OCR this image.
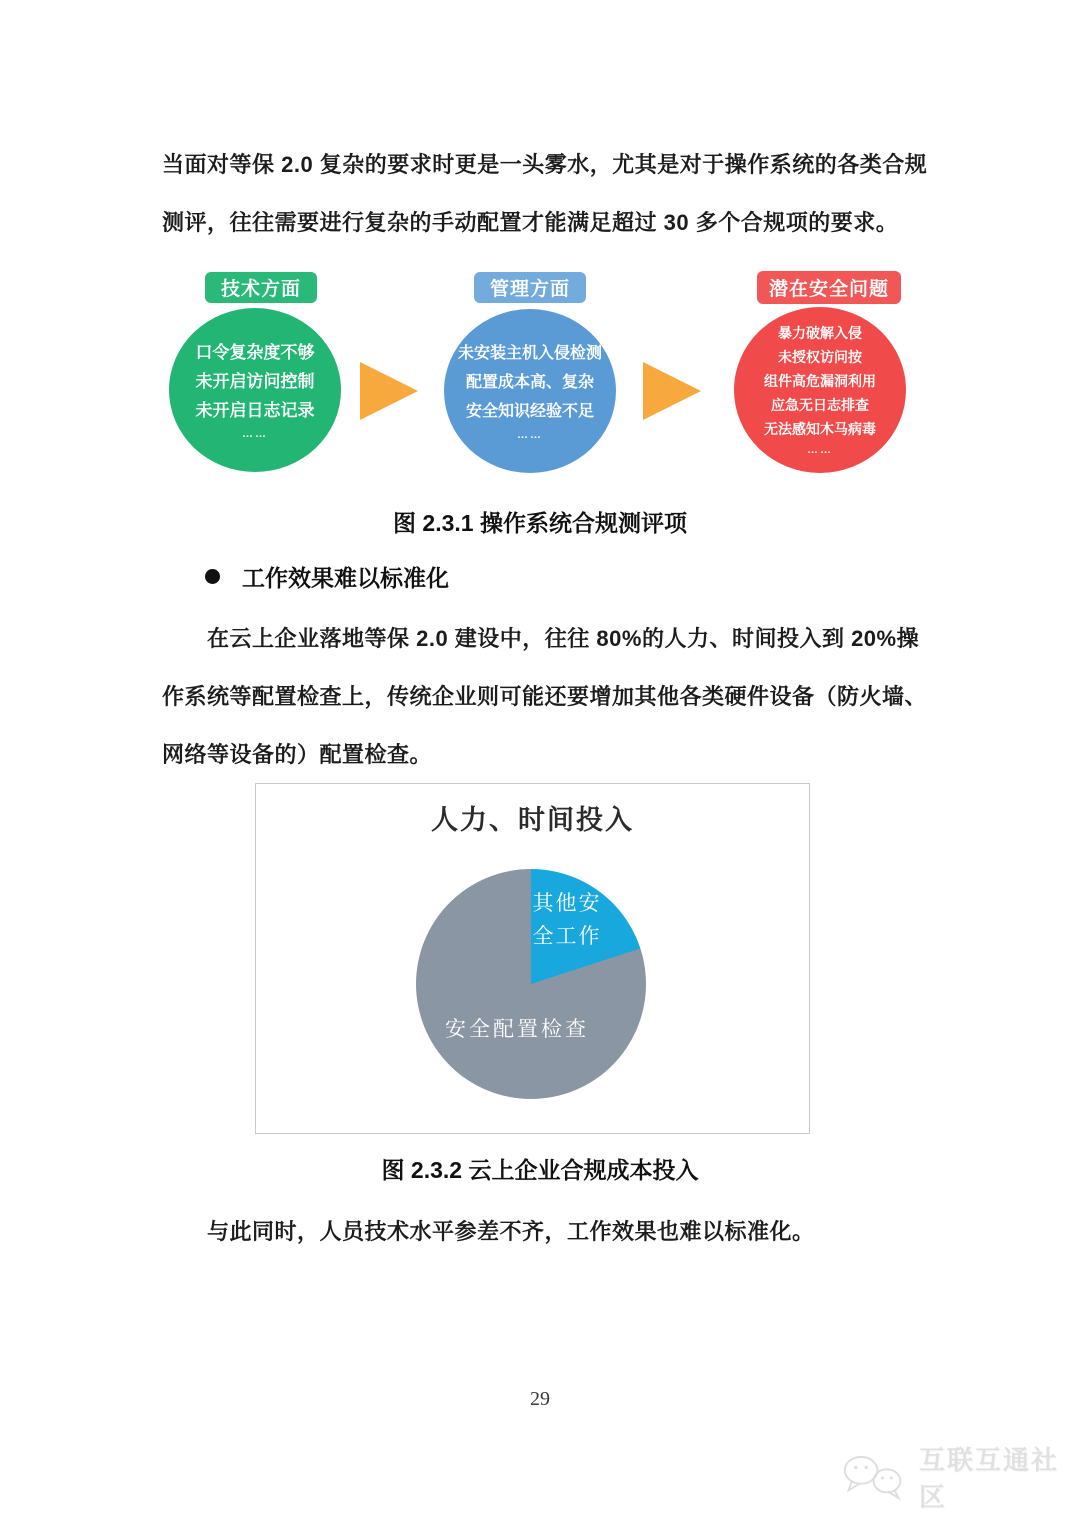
当面对等保 2.0 复杂的要求时更是一头雾水，尤其是对于操作系统的各类合规
测评，往往需要进行复杂的手动配置才能满足超过 30 多个合规项的要求。
技术方面
口令复杂度不够
未开启访问控制
未开启日志记录
……
管理方面
未安装主机入侵检测
配置成本高、复杂
安全知识经验不足
……
潜在安全问题
暴力破解入侵
未授权访问按
组件高危漏洞利用
应急无日志排查
无法感知木马病毒
……
图 2.3.1 操作系统合规测评项
工作效果难以标准化
在云上企业落地等保 2.0 建设中，往往 80%的人力、时间投入到 20%操
作系统等配置检查上，传统企业则可能还要增加其他各类硬件设备（防火墙、
网络等设备的）配置检查。
人力、时间投入
其他安全工作
安全配置检查
图 2.3.2 云上企业合规成本投入
与此同时，人员技术水平参差不齐，工作效果也难以标准化。
29
互联互通社区
